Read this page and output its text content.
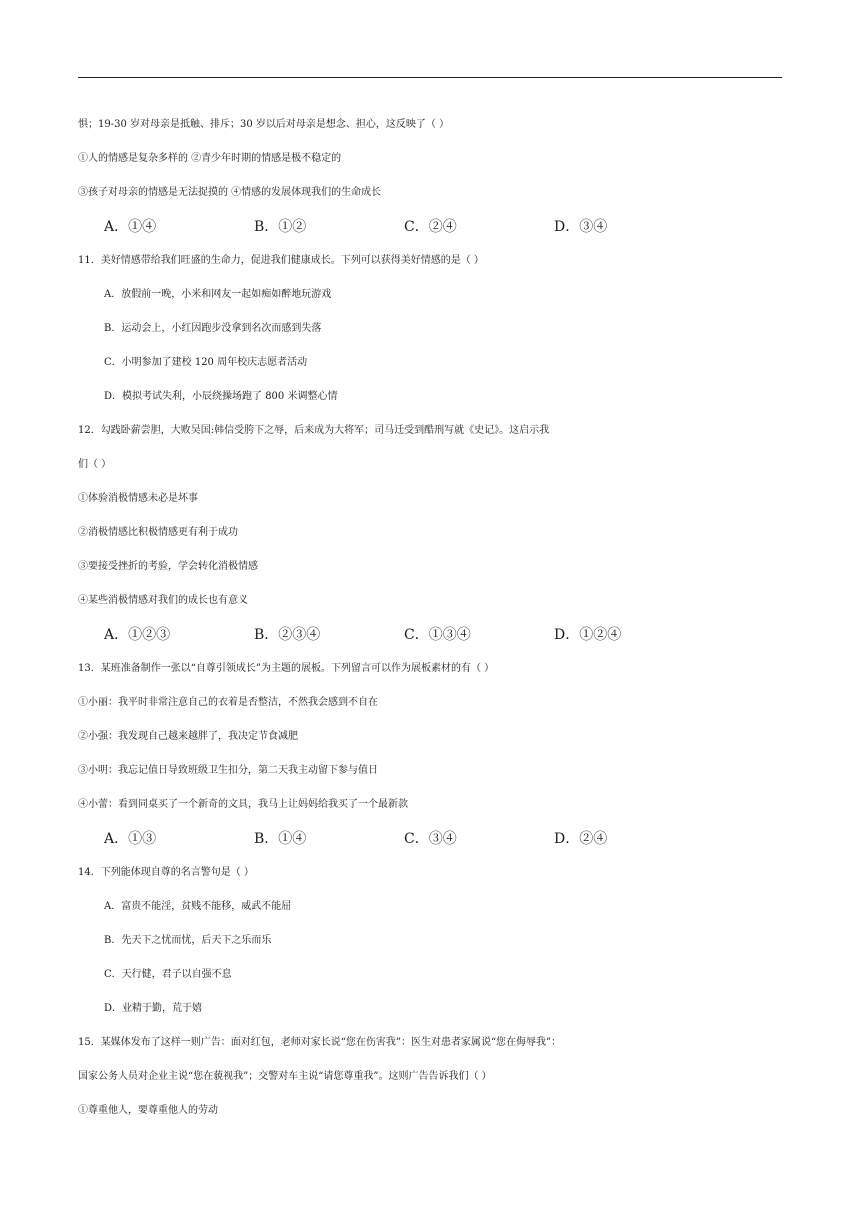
惧；19-30 岁对母亲是抵触、排斥；30 岁以后对母亲是想念、担心，这反映了（ ）
①人的情感是复杂多样的 ②青少年时期的情感是极不稳定的
③孩子对母亲的情感是无法捉摸的 ④情感的发展体现我们的生命成长
A．①④	B．①②	C．②④	D．③④
11．美好情感带给我们旺盛的生命力，促进我们健康成长。下列可以获得美好情感的是（ ）
A．放假前一晚，小米和网友一起如痴如醉地玩游戏
B．运动会上，小红因跑步没拿到名次而感到失落
C．小明参加了建校 120 周年校庆志愿者活动
D．模拟考试失利，小辰绕操场跑了 800 米调整心情
12．勾践卧薪尝胆，大败吴国:韩信受胯下之辱，后来成为大将军；司马迁受到酷刑写就《史记》。这启示我
们（ ）
①体验消极情感未必是坏事
②消极情感比积极情感更有利于成功
③要接受挫折的考验，学会转化消极情感
④某些消极情感对我们的成长也有意义
A．①②③	B．②③④	C．①③④	D．①②④
13．某班准备制作一张以“自尊引领成长”为主题的展板。下列留言可以作为展板素材的有（ ）
①小丽：我平时非常注意自己的衣着是否整洁，不然我会感到不自在
②小强：我发现自己越来越胖了，我决定节食减肥
③小明：我忘记值日导致班级卫生扣分，第二天我主动留下参与值日
④小蕾：看到同桌买了一个新奇的文具，我马上让妈妈给我买了一个最新款
A．①③	B．①④	C．③④	D．②④
14．下列能体现自尊的名言警句是（ ）
A．富贵不能淫，贫贱不能移，威武不能屈
B．先天下之忧而忧，后天下之乐而乐
C．天行健，君子以自强不息
D．业精于勤，荒于嬉
15．某媒体发布了这样一则广告：面对红包，老师对家长说“您在伤害我”：医生对患者家属说“您在侮辱我”：
国家公务人员对企业主说“您在藐视我”；交警对车主说“请您尊重我”。这则广告告诉我们（ ）
①尊重他人，要尊重他人的劳动
